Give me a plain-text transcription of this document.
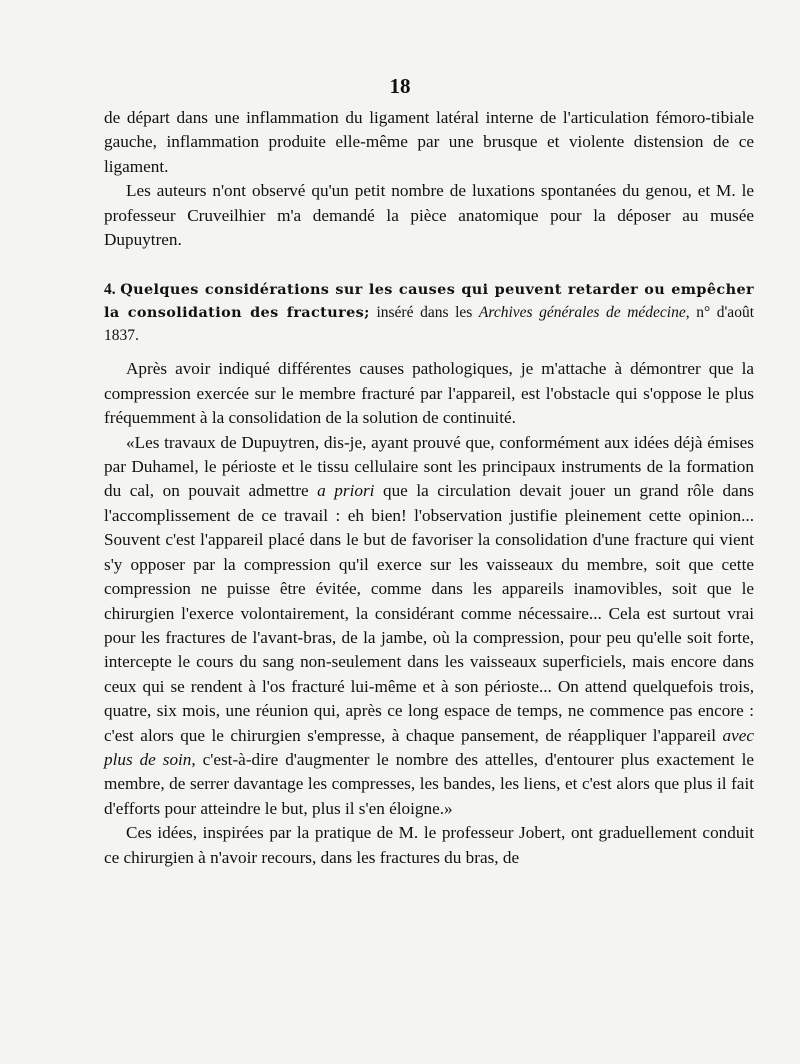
18

de départ dans une inflammation du ligament latéral interne de l'articulation fémoro-tibiale gauche, inflammation produite elle-même par une brusque et violente distension de ce ligament.

Les auteurs n'ont observé qu'un petit nombre de luxations spontanées du genou, et M. le professeur Cruveilhier m'a demandé la pièce anatomique pour la déposer au musée Dupuytren.

4. Quelques considérations sur les causes qui peuvent retarder ou empêcher la consolidation des fractures; inséré dans les Archives générales de médecine, n° d'août 1837.

Après avoir indiqué différentes causes pathologiques, je m'attache à démontrer que la compression exercée sur le membre fracturé par l'appareil, est l'obstacle qui s'oppose le plus fréquemment à la consolidation de la solution de continuité.

«Les travaux de Dupuytren, dis-je, ayant prouvé que, conformément aux idées déjà émises par Duhamel, le périoste et le tissu cellulaire sont les principaux instruments de la formation du cal, on pouvait admettre a priori que la circulation devait jouer un grand rôle dans l'accomplissement de ce travail : eh bien! l'observation justifie pleinement cette opinion... Souvent c'est l'appareil placé dans le but de favoriser la consolidation d'une fracture qui vient s'y opposer par la compression qu'il exerce sur les vaisseaux du membre, soit que cette compression ne puisse être évitée, comme dans les appareils inamovibles, soit que le chirurgien l'exerce volontairement, la considérant comme nécessaire... Cela est surtout vrai pour les fractures de l'avant-bras, de la jambe, où la compression, pour peu qu'elle soit forte, intercepte le cours du sang non-seulement dans les vaisseaux superficiels, mais encore dans ceux qui se rendent à l'os fracturé lui-même et à son périoste... On attend quelquefois trois, quatre, six mois, une réunion qui, après ce long espace de temps, ne commence pas encore : c'est alors que le chirurgien s'empresse, à chaque pansement, de réappliquer l'appareil avec plus de soin, c'est-à-dire d'augmenter le nombre des attelles, d'entourer plus exactement le membre, de serrer davantage les compresses, les bandes, les liens, et c'est alors que plus il fait d'efforts pour atteindre le but, plus il s'en éloigne.»

Ces idées, inspirées par la pratique de M. le professeur Jobert, ont graduellement conduit ce chirurgien à n'avoir recours, dans les fractures du bras, de
